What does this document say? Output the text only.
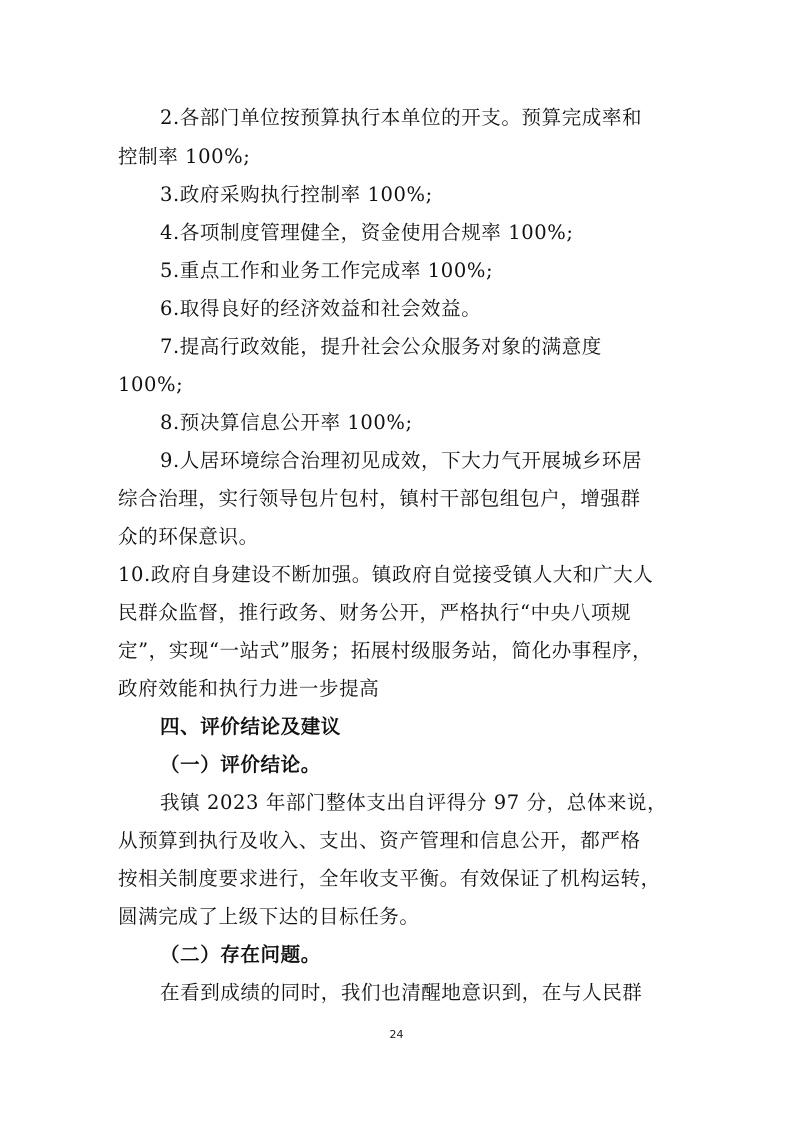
2.各部门单位按预算执行本单位的开支。预算完成率和
控制率 100%;
3.政府采购执行控制率 100%;
4.各项制度管理健全，资金使用合规率 100%;
5.重点工作和业务工作完成率 100%;
6.取得良好的经济效益和社会效益。
7.提高行政效能，提升社会公众服务对象的满意度
100%;
8.预决算信息公开率 100%;
9.人居环境综合治理初见成效，下大力气开展城乡环居
综合治理，实行领导包片包村，镇村干部包组包户，增强群
众的环保意识。
10.政府自身建设不断加强。镇政府自觉接受镇人大和广大人
民群众监督，推行政务、财务公开，严格执行“中央八项规
定”，实现“一站式”服务；拓展村级服务站，简化办事程序，
政府效能和执行力进一步提高
四、评价结论及建议
（一）评价结论。
我镇 2023 年部门整体支出自评得分 97 分，总体来说，
从预算到执行及收入、支出、资产管理和信息公开，都严格
按相关制度要求进行，全年收支平衡。有效保证了机构运转，
圆满完成了上级下达的目标任务。
（二）存在问题。
在看到成绩的同时，我们也清醒地意识到，在与人民群
24
